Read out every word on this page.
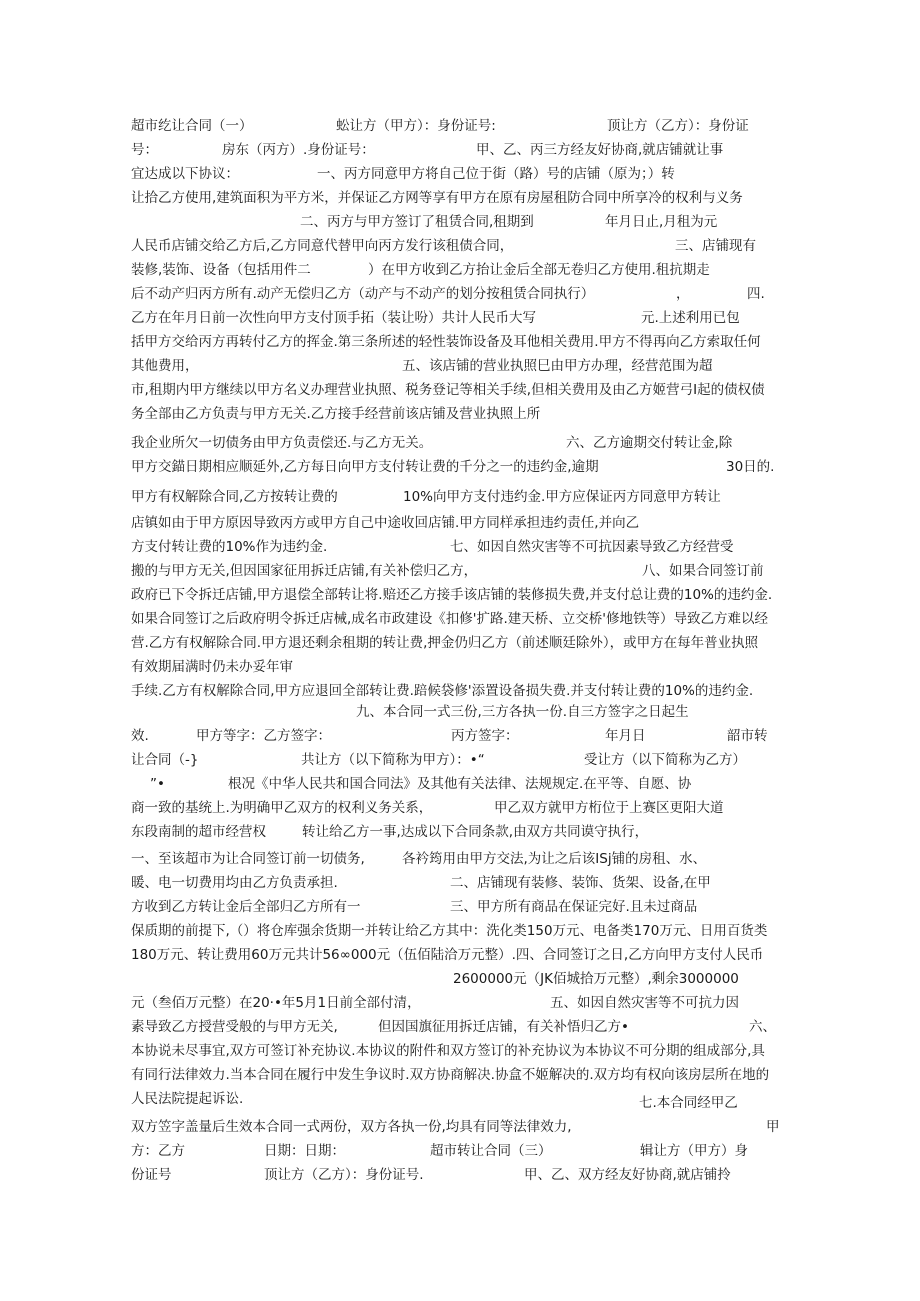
超市纥让合同（一）

	蚣让方（甲方）：身份证号:

	顶让方（乙方）：身份证

号：

	房东（丙方）.身份证号：

	甲、乙、丙三方经友好协商,就店铺就让事

宜达成以下协议：

	一、丙方同意甲方将自己位于街（路）号的店铺（原为；）转

让拾乙方使用,建筑面积为平方米，并保证乙方网等享有甲方在原有房屋租防合同中所享冷的权利与义务

二、丙方与甲方签订了租赁合同,租期到

	年月日止,月租为元

人民币店铺交给乙方后,乙方同意代替甲向丙方发行该租债合同，

	三、店铺现有

装修,装饰、设备（包括用件二

	）在甲方收到乙方抬让金后全部无卷归乙方使用.租抗期走

后不动产归丙方所有.动产无偿归乙方（动产与不动产的划分按租赁合同执行）

	，

	四.

乙方在年月日前一次性向甲方支付顶手拓（装让吩）共计人民币大写

	元.上述利用已包

括甲方交给丙方再转付乙方的挥金.第三条所述的轻性装饰设备及耳他相关费用.甲方不得再向乙方索取任何

其他费用，

	五、该店铺的营业执照巳由甲方办理，经营范围为超

市,租期内甲方继续以甲方名义办理营业执照、税务登记等相关手续,但相关费用及由乙方姬营弓I起的债权债

务全部由乙方负责与甲方无关.乙方接手经营前该店铺及营业执照上所

我企业所欠一切债务由甲方负责偿还.与乙方无关。

	六、乙方逾期交付转让金,除

甲方交錨日期相应顺延外,乙方每日向甲方支付转让费的千分之一的违约金,逾期

	30日的.

甲方有权解除合同,乙方按转让费的

	10%向甲方支付违约金.甲方应保证丙方同意甲方转让

店镇如由于甲方原因导致丙方或甲方自己中途收回店铺.甲方同样承担违约责任,并向乙

方支付转让费的10%作为违约金.

	七、如因自然灾害等不可抗因素导致乙方经营受

搬的与甲方无关,但因国家征用拆迁店铺,有关补偿归乙方，

	八、如果合同签订前

政府已下令拆迁店铺,甲方退偿全部转让将.赔还乙方接手该店铺的装修损失费,并支付总让费的10%的违约金.

如果合同签订之后政府明令拆迁店械,成名市政建设《扣修'扩路.建天桥、立交桥'修地铁等）导致乙方难以经

营.乙方有权解除合同.甲方退还剩余租期的转让费,押金仍归乙方（前述顺廷除外），或甲方在每年普业执照

有效期届满时仍未办妥年审

手续.乙方有权解除合同,甲方应退回全部转让费.踣候袋修'添置设备损失费.并支付转让费的10%的违约金.

九、本合同一式三份,三方各执一份.自三方签字之日起生

效.

	甲方等字：乙方签字：

	丙方签字：

	年月日

	韶市转

让合同（-}

	共让方（以下简称为甲方）：•“

	受让方（以下简称为乙方）

”•

	根况《中华人民共和国合同法》及其他有关法律、法规规定.在平等、自愿、协

商一致的基统上.为明确甲乙双方的权利义务关系，

	甲乙双方就甲方桁位于上赛区更阳大道

东段南制的超市经营权

	转让给乙方一事,达成以下合同条款,由双方共同谟守执行，

一、至该超市为让合同签订前一切债务,

	各衿筠用由甲方交法,为让之后该ISj铺的房租、水、

暖、电一切费用均由乙方负责承担.

	二、店铺现有装修、装饰、货架、设备,在甲

方收到乙方转让金后全部归乙方所有一

	三、甲方所有商品在保证完好.且未过商品

保质期的前提下,（）将仓库强余货期一并转让给乙方其中：洗化类150万元、电备类170万元、日用百货类

180万元、转让费用60万元共计56∞000元（伍佰陆洽万元整）.四、合同签订之日,乙方向甲方支付人民币

2600000元（JK佰城拾万元整）,剩余3000000

元（叁佰万元整）在20·•年5月1日前全部付清，

	五、如因自然灾害等不可抗力因

素导致乙方授营受般的与甲方无关,

	但因国旗征用拆迁店铺，有关补悟归乙方•

	六、

本协说未尽事宜,双方可签订补充协议.本协议的附件和双方签订的补充协议为本协议不可分期的组成部分,具

有同行法律效力.当本合同在履行中发生争议时.双方协商解决.协盒不姬解决的.双方均有权向该房层所在地的

人民法院提起诉讼.

	七.本合同经甲乙

双方笠字盖量后生效本合同一式两份，双方各执一份,均具有同等法律效力,

	甲

方：乙方

	日期：日期：

	超市转让合同（三）

	辑让方（甲方）身

份证号

	顶让方（乙方）：身份证号.

	甲、乙、双方经友好协商,就店铺拎
